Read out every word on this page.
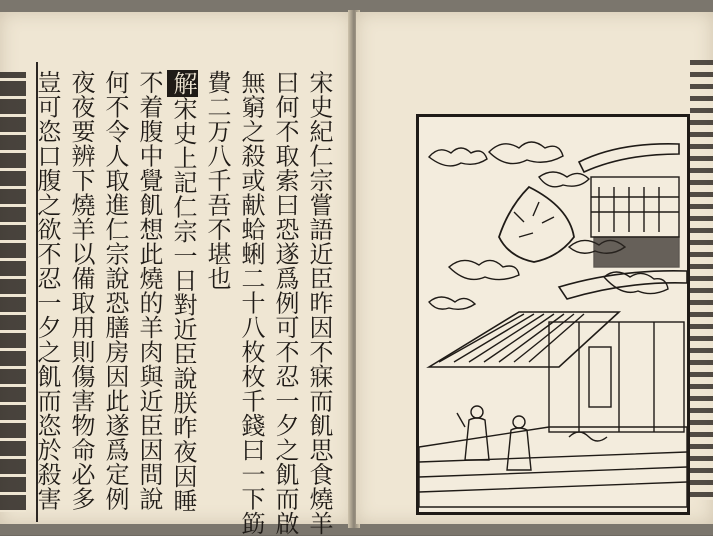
宋史紀仁宗嘗語近臣昨因不寐而飢思食燒羊
曰何不取索曰恐遂爲例可不忍一夕之飢而啟
無窮之殺或献蛤蜊二十八枚枚千錢曰一下筯
費二万八千吾不堪也
解宋史上記仁宗一日對近臣說朕昨夜因睡
不着腹中覺飢想此燒的羊肉與近臣因問說
何不令人取進仁宗說恐膳房因此遂爲定例
夜夜要辨下燒羊以備取用則傷害物命必多
豈可恣口腹之欲不忍一夕之飢而恣於殺害
